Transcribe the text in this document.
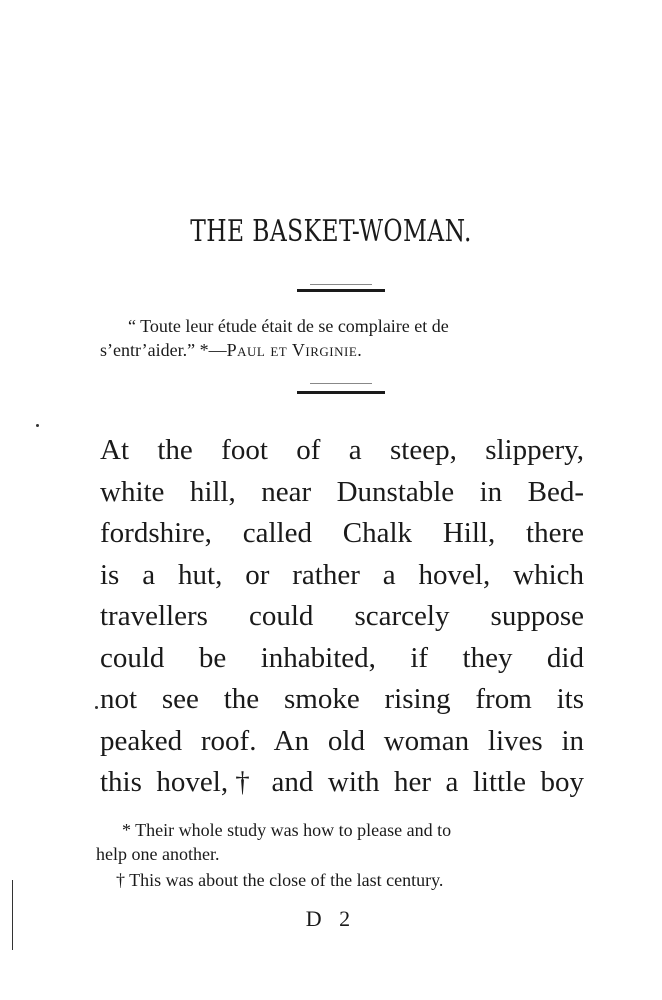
THE BASKET-WOMAN.
“ Toute leur étude était de se complaire et de
s’entr’aider.” *—Paul et Virginie.
At the foot of a steep, slippery,
white hill, near Dunstable in Bed-
fordshire, called Chalk Hill, there
is a hut, or rather a hovel, which
travellers could scarcely suppose
could be inhabited, if they did
not see the smoke rising from its
peaked roof. An old woman lives in
this hovel,† and with her a little boy
* Their whole study was how to please and to
help one another.
† This was about the close of the last century.
D 2
